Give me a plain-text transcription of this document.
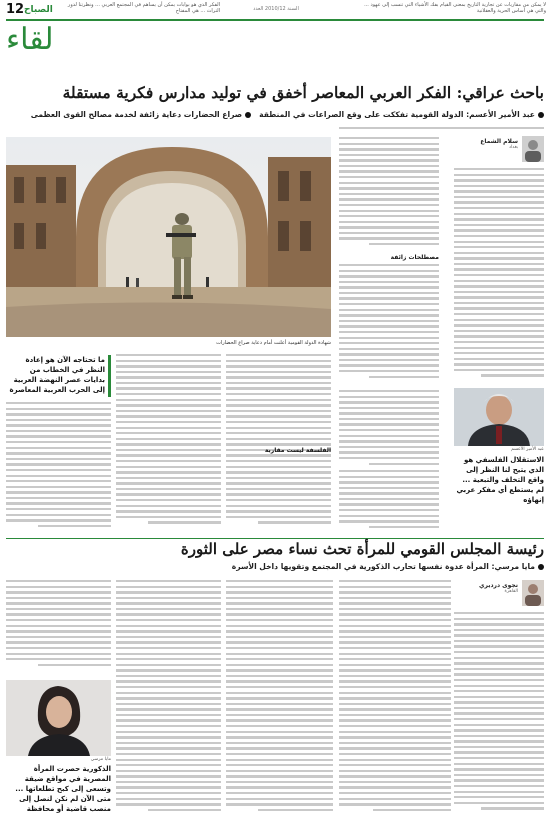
12 الصباح	السنة 2010/12 العدد
الفكر الذي هو بوابات يمكن أن يساهم في المجتمع العربي ... ونظرتنا لدور التراث ... هي المفتاح
لا يمكن من مقاربات عن تجارية التاريخ بمعنى القيام بفك الأشياء التي تنسب إلى عهود ... والتي هي أساس الحرية والعقلانية
لقاء
باحث عراقي: الفكر العربي المعاصر أخفق في توليد مدارس فكرية مستقلة
عبد الأمير الأعسم: الدولة القومية تفككت على وقع الصراعات في المنطقة   صراع الحضارات دعاية زائفة لخدمة مصالح القوى العظمى
شهادة الدولة القومية أعلنت أمام دعاية صراع الحضارات
سلام الشماع
بغداد
مصطلحات زائفة
عبد الأمير الأعسم
الاستقلال الفلسفي هو الذي يتيح لنا النظر إلى واقع التخلف والتبعية ... لم يستطع أي مفكر عربي إنهاؤه
الفلسفة ليست مقاربة
ما تحتاجه الآن هو إعادة النظر في الخطاب من بدايات عصر النهضة العربية إلى الحرب العربية المعاصرة
رئيسة المجلس القومي للمرأة تحث نساء مصر على الثورة
مايا مرسي: المرأة عدوة نفسها تحارب الذكورية في المجتمع وتقويها داخل الأسرة
نجوى درديري
القاهرة
مايا مرسي
الذكورية حصرت المرأة المصرية في مواقع ضيقة وتسعى إلى كبح تطلعاتها ... متى الآن لم نكن لنصل إلى منصب قاضية أو محافظة
